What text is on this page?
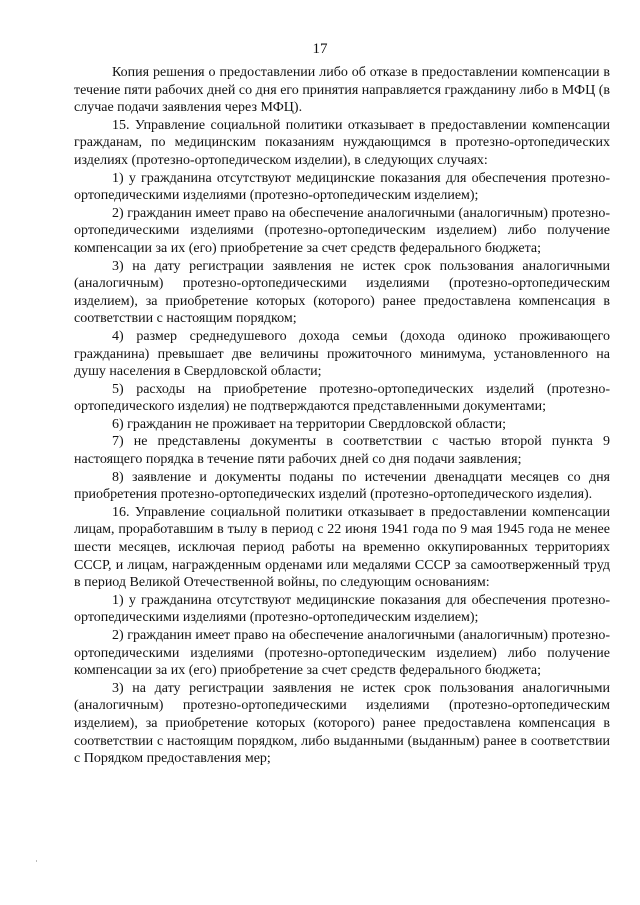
17

Копия решения о предоставлении либо об отказе в предоставлении компенсации в течение пяти рабочих дней со дня его принятия направляется гражданину либо в МФЦ (в случае подачи заявления через МФЦ).

15. Управление социальной политики отказывает в предоставлении компенсации гражданам, по медицинским показаниям нуждающимся в протезно-ортопедических изделиях (протезно-ортопедическом изделии), в следующих случаях:

1) у гражданина отсутствуют медицинские показания для обеспечения протезно-ортопедическими изделиями (протезно-ортопедическим изделием);

2) гражданин имеет право на обеспечение аналогичными (аналогичным) протезно-ортопедическими изделиями (протезно-ортопедическим изделием) либо получение компенсации за их (его) приобретение за счет средств федерального бюджета;

3) на дату регистрации заявления не истек срок пользования аналогичными (аналогичным) протезно-ортопедическими изделиями (протезно-ортопедическим изделием), за приобретение которых (которого) ранее предоставлена компенсация в соответствии с настоящим порядком;

4) размер среднедушевого дохода семьи (дохода одиноко проживающего гражданина) превышает две величины прожиточного минимума, установленного на душу населения в Свердловской области;

5) расходы на приобретение протезно-ортопедических изделий (протезно-ортопедического изделия) не подтверждаются представленными документами;

6) гражданин не проживает на территории Свердловской области;

7) не представлены документы в соответствии с частью второй пункта 9 настоящего порядка в течение пяти рабочих дней со дня подачи заявления;

8) заявление и документы поданы по истечении двенадцати месяцев со дня приобретения протезно-ортопедических изделий (протезно-ортопедического изделия).

16. Управление социальной политики отказывает в предоставлении компенсации лицам, проработавшим в тылу в период с 22 июня 1941 года по 9 мая 1945 года не менее шести месяцев, исключая период работы на временно оккупированных территориях СССР, и лицам, награжденным орденами или медалями СССР за самоотверженный труд в период Великой Отечественной войны, по следующим основаниям:

1) у гражданина отсутствуют медицинские показания для обеспечения протезно-ортопедическими изделиями (протезно-ортопедическим изделием);

2) гражданин имеет право на обеспечение аналогичными (аналогичным) протезно-ортопедическими изделиями (протезно-ортопедическим изделием) либо получение компенсации за их (его) приобретение за счет средств федерального бюджета;

3) на дату регистрации заявления не истек срок пользования аналогичными (аналогичным) протезно-ортопедическими изделиями (протезно-ортопедическим изделием), за приобретение которых (которого) ранее предоставлена компенсация в соответствии с настоящим порядком, либо выданными (выданным) ранее в соответствии с Порядком предоставления мер;
